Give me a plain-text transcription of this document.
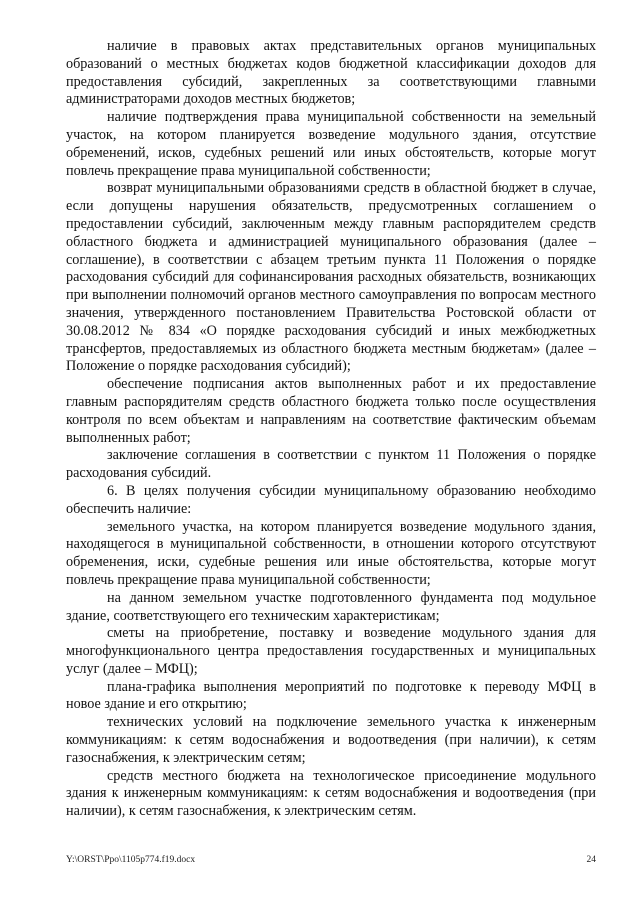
наличие в правовых актах представительных органов муниципальных образований о местных бюджетах кодов бюджетной классификации доходов для предоставления субсидий, закрепленных за соответствующими главными администраторами доходов местных бюджетов;

наличие подтверждения права муниципальной собственности на земельный участок, на котором планируется возведение модульного здания, отсутствие обременений, исков, судебных решений или иных обстоятельств, которые могут повлечь прекращение права муниципальной собственности;

возврат муниципальными образованиями средств в областной бюджет в случае, если допущены нарушения обязательств, предусмотренных соглашением о предоставлении субсидий, заключенным между главным распорядителем средств областного бюджета и администрацией муниципального образования (далее – соглашение), в соответствии с абзацем третьим пункта 11 Положения о порядке расходования субсидий для софинансирования расходных обязательств, возникающих при выполнении полномочий органов местного самоуправления по вопросам местного значения, утвержденного постановлением Правительства Ростовской области от 30.08.2012 № 834 «О порядке расходования субсидий и иных межбюджетных трансфертов, предоставляемых из областного бюджета местным бюджетам» (далее – Положение о порядке расходования субсидий);

обеспечение подписания актов выполненных работ и их предоставление главным распорядителям средств областного бюджета только после осуществления контроля по всем объектам и направлениям на соответствие фактическим объемам выполненных работ;

заключение соглашения в соответствии с пунктом 11 Положения о порядке расходования субсидий.

6. В целях получения субсидии муниципальному образованию необходимо обеспечить наличие:

земельного участка, на котором планируется возведение модульного здания, находящегося в муниципальной собственности, в отношении которого отсутствуют обременения, иски, судебные решения или иные обстоятельства, которые могут повлечь прекращение права муниципальной собственности;

на данном земельном участке подготовленного фундамента под модульное здание, соответствующего его техническим характеристикам;

сметы на приобретение, поставку и возведение модульного здания для многофункционального центра предоставления государственных и муниципальных услуг (далее – МФЦ);

плана-графика выполнения мероприятий по подготовке к переводу МФЦ в новое здание и его открытию;

технических условий на подключение земельного участка к инженерным коммуникациям: к сетям водоснабжения и водоотведения (при наличии), к сетям газоснабжения, к электрическим сетям;

средств местного бюджета на технологическое присоединение модульного здания к инженерным коммуникациям: к сетям водоснабжения и водоотведения (при наличии), к сетям газоснабжения, к электрическим сетям.

Y:\ORST\Ppo\1105p774.f19.docx	24
